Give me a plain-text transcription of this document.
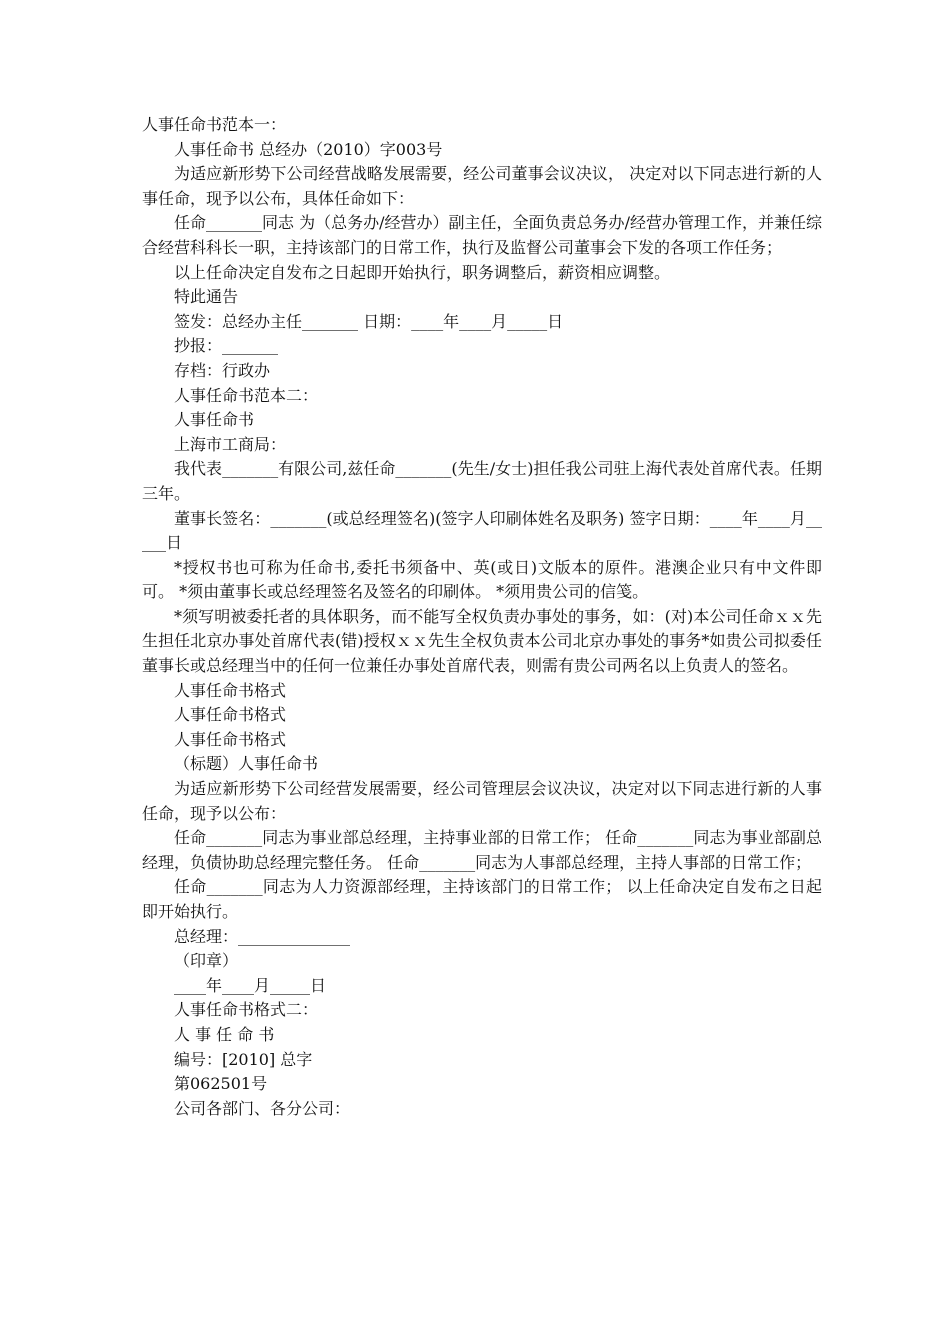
人事任命书范本一：

人事任命书 总经办（2010）字003号

为适应新形势下公司经营战略发展需要，经公司董事会议决议， 决定对以下同志进行新的人事任命，现予以公布，具体任命如下：

任命_______同志 为（总务办/经营办）副主任，全面负责总务办/经营办管理工作，并兼任综合经营科科长一职，主持该部门的日常工作，执行及监督公司董事会下发的各项工作任务；

以上任命决定自发布之日起即开始执行，职务调整后，薪资相应调整。

特此通告

签发：总经办主任_______ 日期：____年____月_____日

抄报：_______

存档：行政办

人事任命书范本二：

人事任命书

上海市工商局：

我代表_______有限公司,兹任命_______(先生/女士)担任我公司驻上海代表处首席代表。任期三年。

董事长签名：_______(或总经理签名)(签字人印刷体姓名及职务) 签字日期：____年____月_____日

*授权书也可称为任命书,委托书须备中、英(或日)文版本的原件。港澳企业只有中文件即可。 *须由董事长或总经理签名及签名的印刷体。 *须用贵公司的信笺。

*须写明被委托者的具体职务，而不能写全权负责办事处的事务，如：(对)本公司任命ｘｘ先生担任北京办事处首席代表(错)授权ｘｘ先生全权负责本公司北京办事处的事务*如贵公司拟委任董事长或总经理当中的任何一位兼任办事处首席代表，则需有贵公司两名以上负责人的签名。

人事任命书格式

人事任命书格式

人事任命书格式

（标题）人事任命书

为适应新形势下公司经营发展需要，经公司管理层会议决议，决定对以下同志进行新的人事任命，现予以公布：

任命_______同志为事业部总经理，主持事业部的日常工作； 任命_______同志为事业部副总经理，负债协助总经理完整任务。 任命_______同志为人事部总经理，主持人事部的日常工作；

任命_______同志为人力资源部经理，主持该部门的日常工作； 以上任命决定自发布之日起即开始执行。

总经理：______________

（印章）

____年____月_____日

人事任命书格式二：

人 事 任 命 书

编号：[2010] 总字

第062501号

公司各部门、各分公司：
